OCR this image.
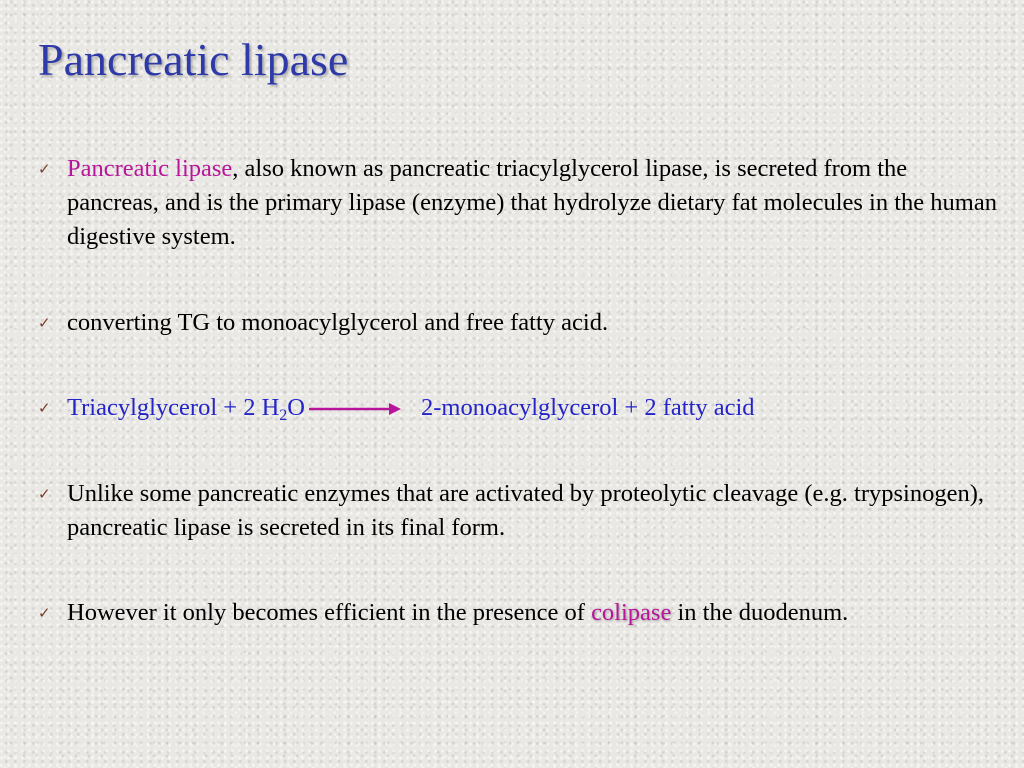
Pancreatic lipase
✓ Pancreatic lipase, also known as pancreatic triacylglycerol lipase, is secreted from the pancreas, and is the primary lipase (enzyme) that hydrolyze dietary fat molecules in the human digestive system.
✓ converting TG to monoacylglycerol and free fatty acid.
✓ Triacylglycerol + 2 $H_2O$	2-monoacylglycerol + 2 fatty acid
✓ Unlike some pancreatic enzymes that are activated by proteolytic cleavage (e.g. trypsinogen), pancreatic lipase is secreted in its final form.
✓ However it only becomes efficient in the presence of colipase in the duodenum.
